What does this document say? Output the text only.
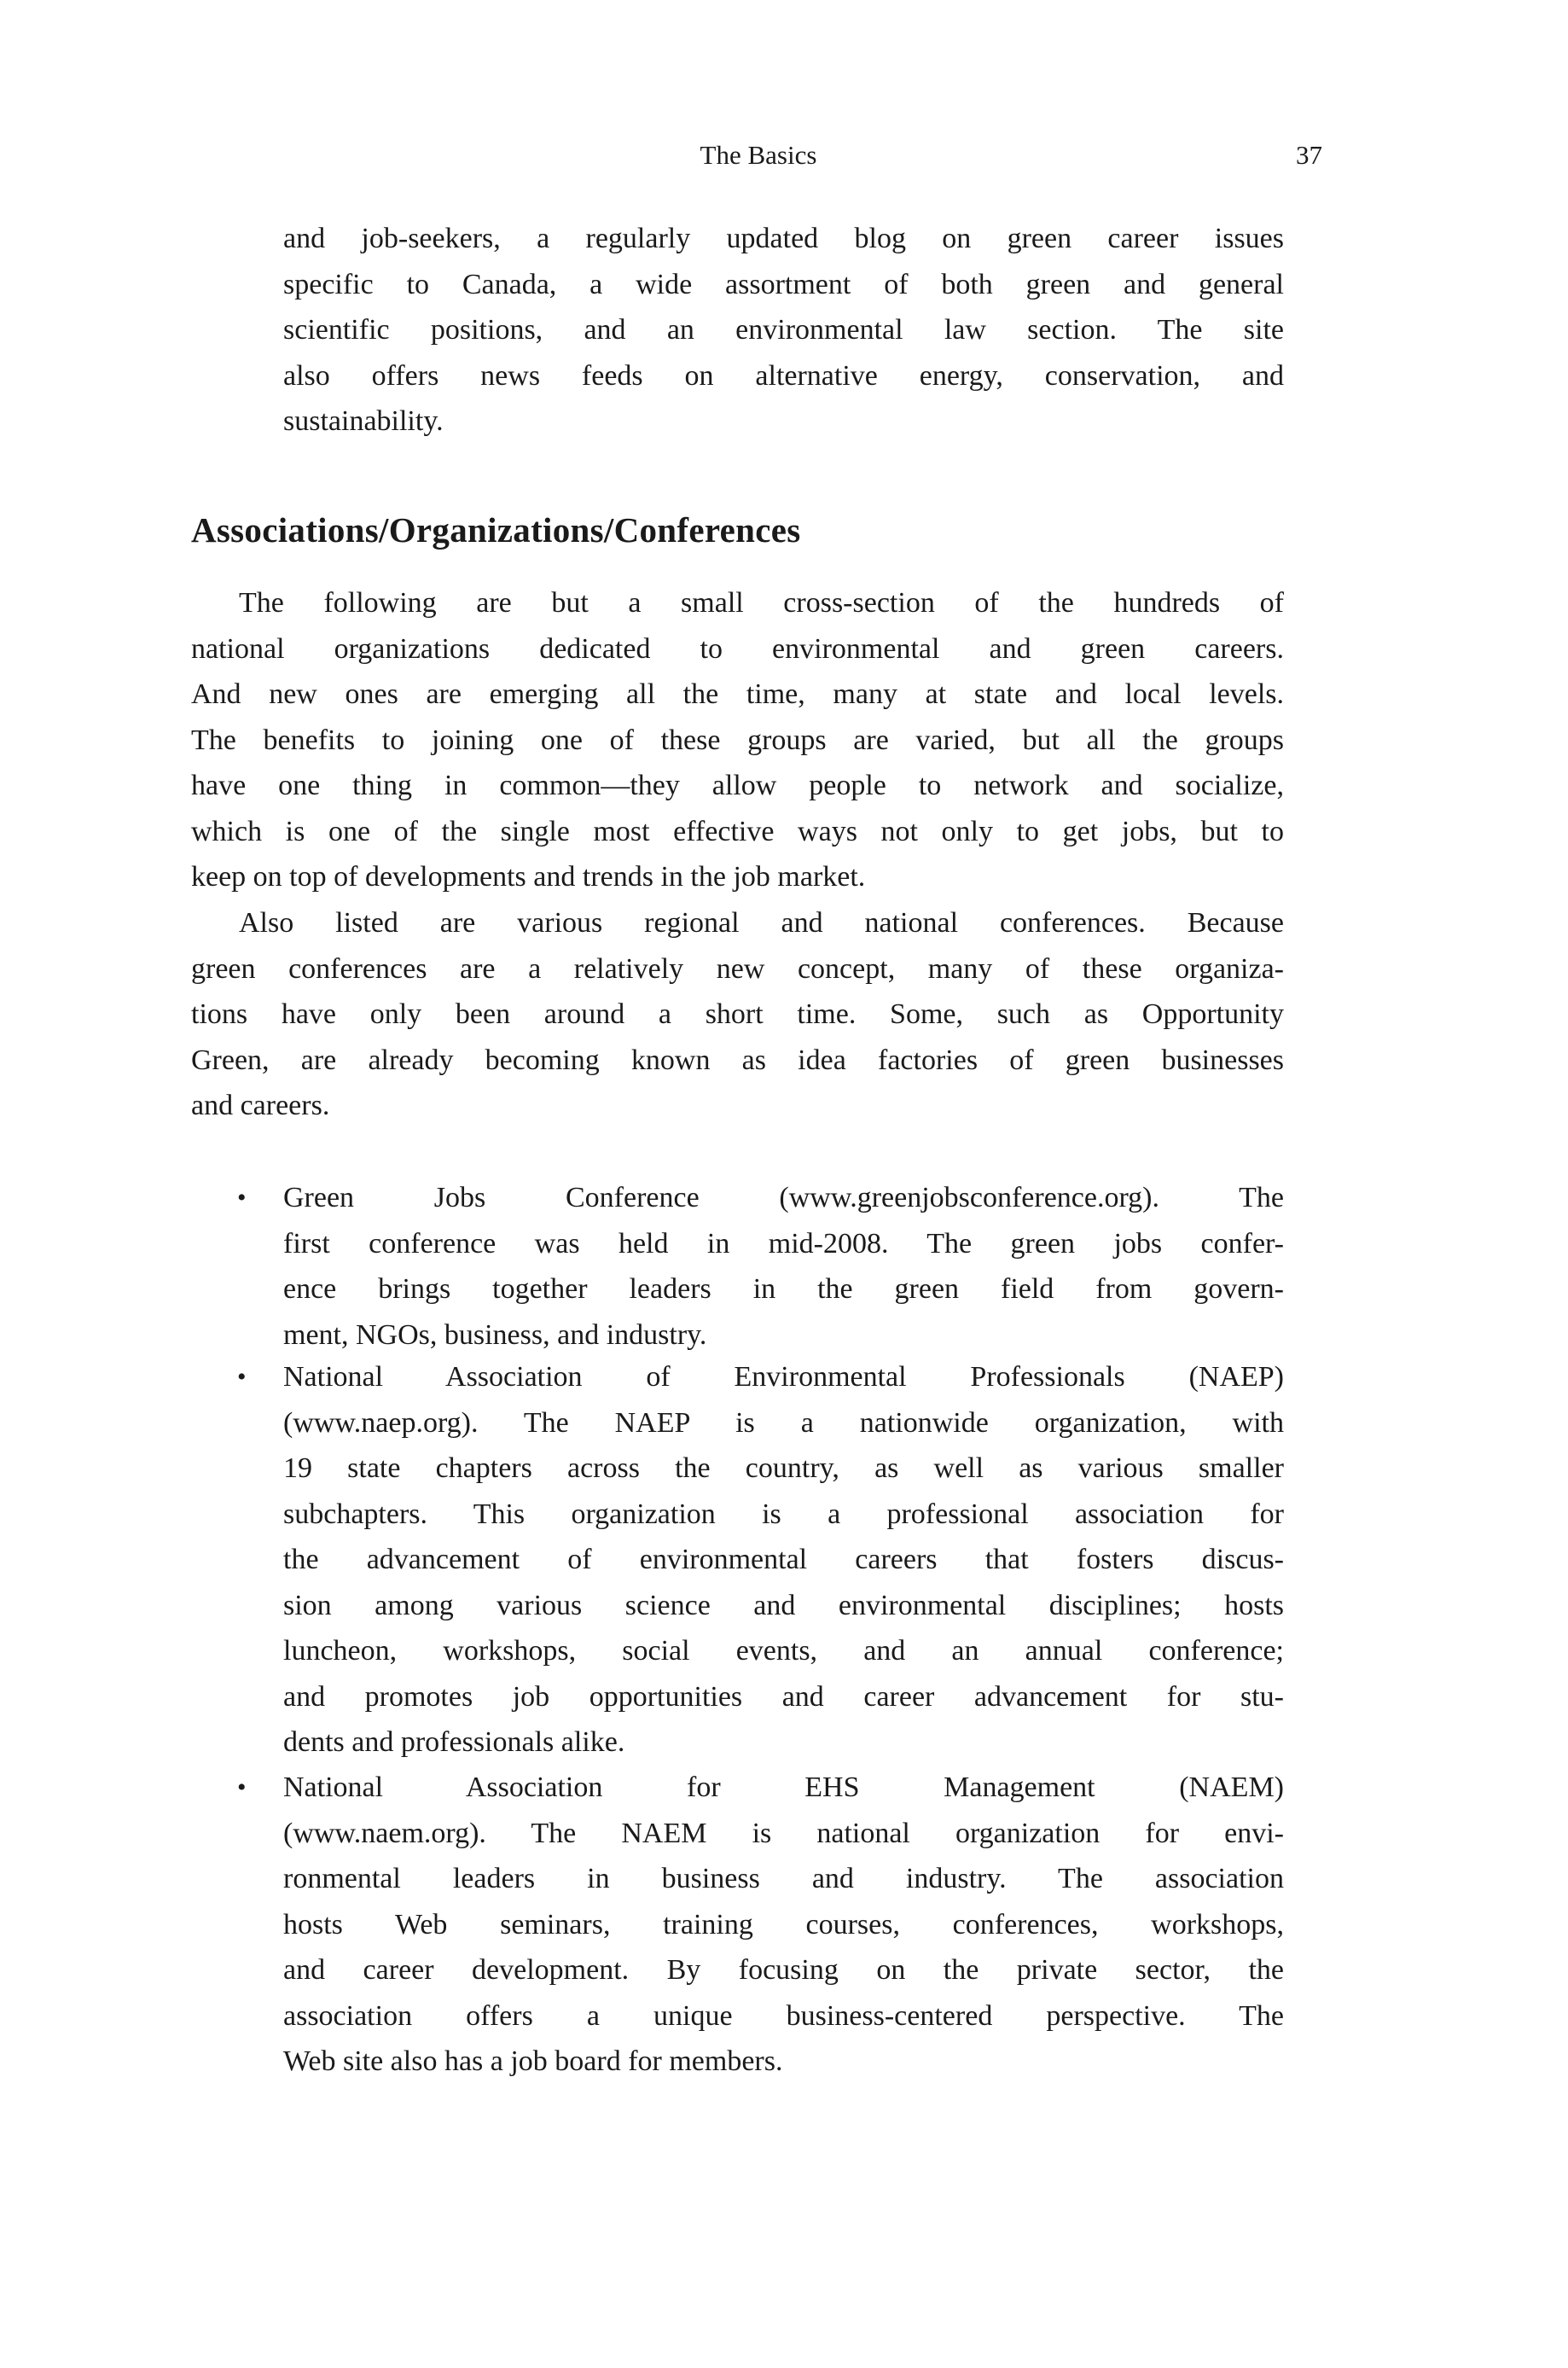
The Basics	37
and job-seekers, a regularly updated blog on green career issues
specific to Canada, a wide assortment of both green and general
scientific positions, and an environmental law section. The site
also offers news feeds on alternative energy, conservation, and
sustainability.
Associations/Organizations/Conferences
The following are but a small cross-section of the hundreds of
national organizations dedicated to environmental and green careers.
And new ones are emerging all the time, many at state and local levels.
The benefits to joining one of these groups are varied, but all the groups
have one thing in common—they allow people to network and socialize,
which is one of the single most effective ways not only to get jobs, but to
keep on top of developments and trends in the job market.
Also listed are various regional and national conferences. Because
green conferences are a relatively new concept, many of these organiza-
tions have only been around a short time. Some, such as Opportunity
Green, are already becoming known as idea factories of green businesses
and careers.
• Green Jobs Conference (www.greenjobsconference.org). The
first conference was held in mid-2008. The green jobs confer-
ence brings together leaders in the green field from govern-
ment, NGOs, business, and industry.
• National Association of Environmental Professionals (NAEP)
(www.naep.org). The NAEP is a nationwide organization, with
19 state chapters across the country, as well as various smaller
subchapters. This organization is a professional association for
the advancement of environmental careers that fosters discus-
sion among various science and environmental disciplines; hosts
luncheon, workshops, social events, and an annual conference;
and promotes job opportunities and career advancement for stu-
dents and professionals alike.
• National Association for EHS Management (NAEM)
(www.naem.org). The NAEM is national organization for envi-
ronmental leaders in business and industry. The association
hosts Web seminars, training courses, conferences, workshops,
and career development. By focusing on the private sector, the
association offers a unique business-centered perspective. The
Web site also has a job board for members.
